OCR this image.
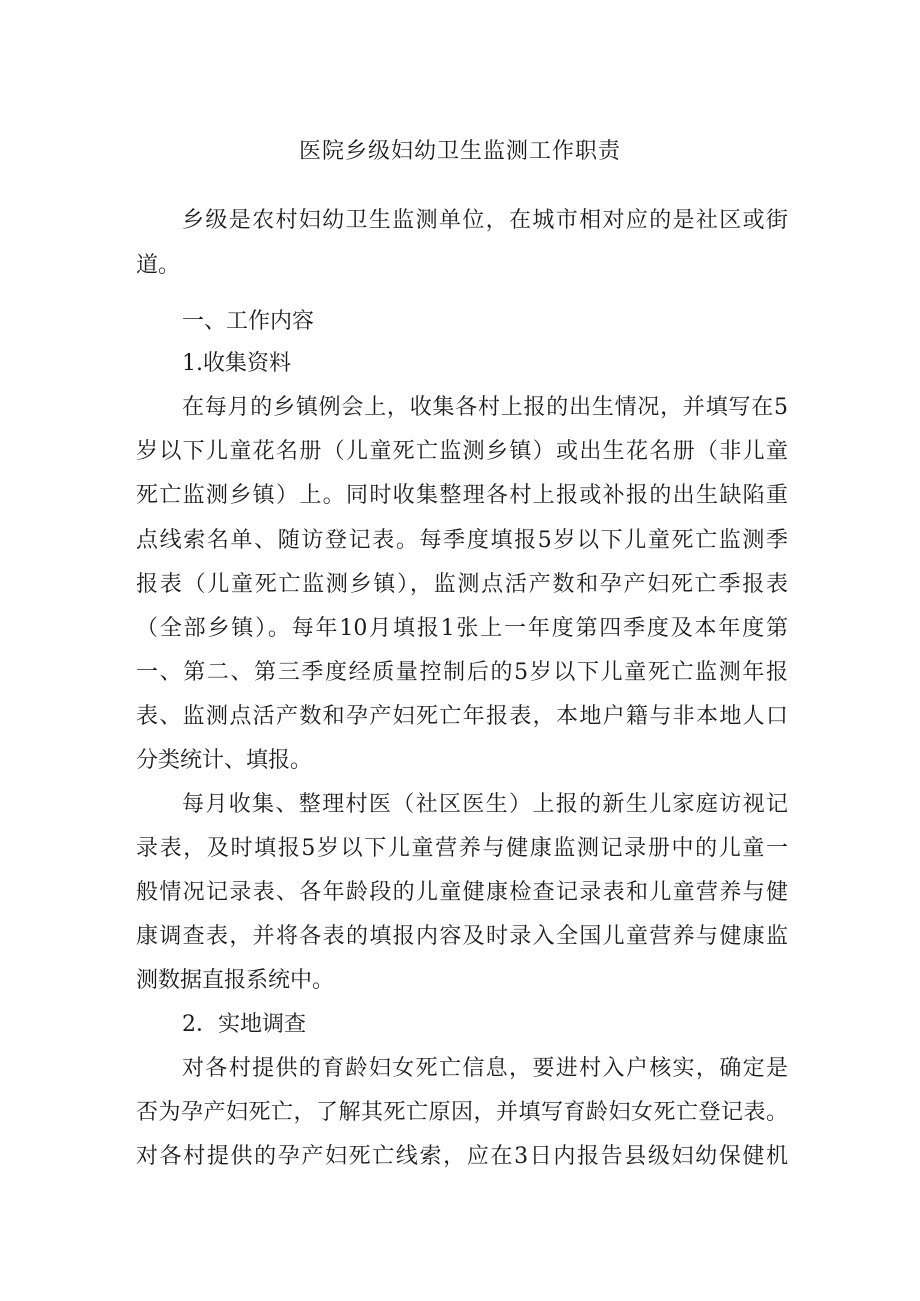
医院乡级妇幼卫生监测工作职责
乡级是农村妇幼卫生监测单位，在城市相对应的是社区或街
道。
一、工作内容
1.收集资料
在每月的乡镇例会上，收集各村上报的出生情况，并填写在5
岁以下儿童花名册（儿童死亡监测乡镇）或出生花名册（非儿童
死亡监测乡镇）上。同时收集整理各村上报或补报的出生缺陷重
点线索名单、随访登记表。每季度填报5岁以下儿童死亡监测季
报表（儿童死亡监测乡镇），监测点活产数和孕产妇死亡季报表
（全部乡镇）。每年10月填报1张上一年度第四季度及本年度第
一、第二、第三季度经质量控制后的5岁以下儿童死亡监测年报
表、监测点活产数和孕产妇死亡年报表，本地户籍与非本地人口
分类统计、填报。
每月收集、整理村医（社区医生）上报的新生儿家庭访视记
录表，及时填报5岁以下儿童营养与健康监测记录册中的儿童一
般情况记录表、各年龄段的儿童健康检查记录表和儿童营养与健
康调查表，并将各表的填报内容及时录入全国儿童营养与健康监
测数据直报系统中。
2．实地调查
对各村提供的育龄妇女死亡信息，要进村入户核实，确定是
否为孕产妇死亡，了解其死亡原因，并填写育龄妇女死亡登记表。
对各村提供的孕产妇死亡线索，应在3日内报告县级妇幼保健机
